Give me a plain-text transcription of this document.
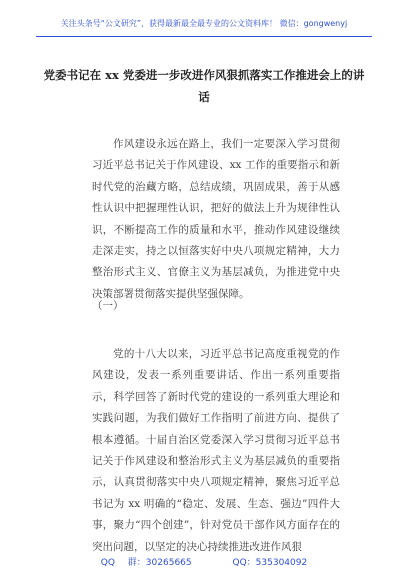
关注头条号“公文研究”，获得最新最全最专业的公文资料库！ 微信：gongwenyj
党委书记在 xx 党委进一步改进作风狠抓落实工作推进会上的讲话

作风建设永远在路上，我们一定要深入学习贯彻习近平总书记关于作风建设、xx 工作的重要指示和新时代党的治藏方略，总结成绩，巩固成果，善于从感性认识中把握理性认识，把好的做法上升为规律性认识，不断提高工作的质量和水平，推动作风建设继续走深走实，持之以恒落实好中央八项规定精神，大力整治形式主义、官僚主义为基层减负，为推进党中央决策部署贯彻落实提供坚强保障。

（一）

党的十八大以来，习近平总书记高度重视党的作风建设，发表一系列重要讲话、作出一系列重要指示，科学回答了新时代党的建设的一系列重大理论和实践问题，为我们做好工作指明了前进方向、提供了根本遵循。十届自治区党委深入学习贯彻习近平总书记关于作风建设和整治形式主义为基层减负的重要指示，认真贯彻落实中央八项规定精神，聚焦习近平总书记为 xx 明确的“稳定、发展、生态、强边”四件大事，聚力“四个创建”，针对党员干部作风方面存在的突出问题，以坚定的决心持续推进改进作风狠

QQ 群：30265665	QQ：535304092
